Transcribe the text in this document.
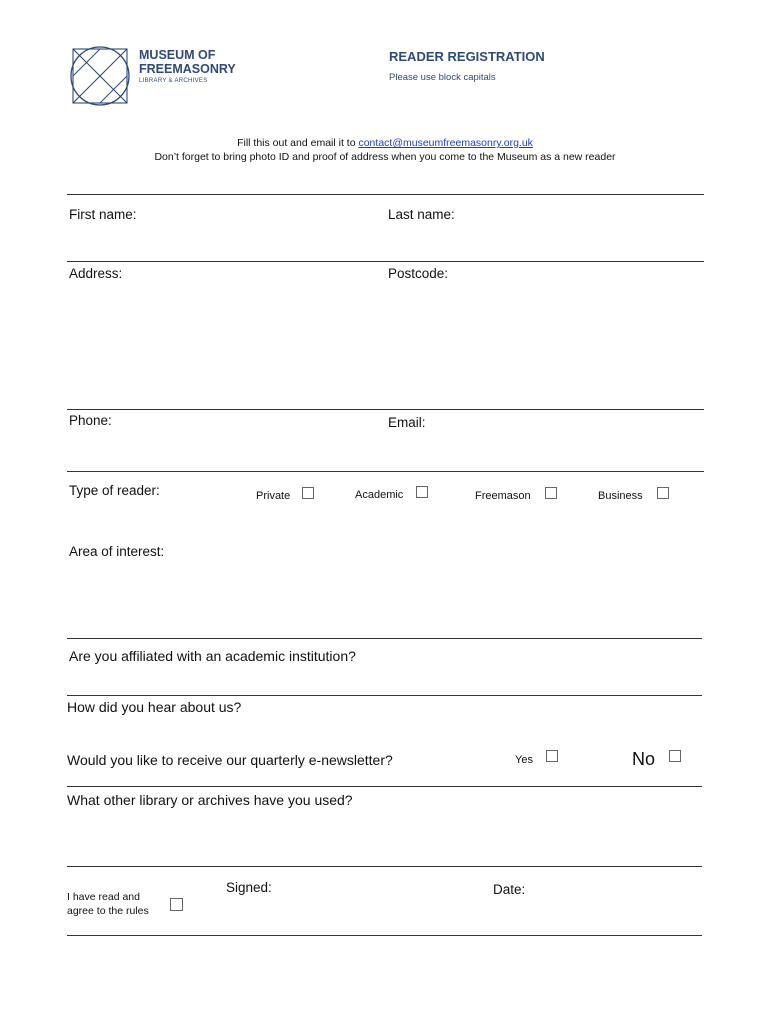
MUSEUM OF
FREEMASONRY
LIBRARY & ARCHIVES
READER REGISTRATION
Please use block capitals
Fill this out and email it to contact@museumfreemasonry.org.uk
Don’t forget to bring photo ID and proof of address when you come to the Museum as a new reader
First name:	Last name:
Address:	Postcode:
Phone:	Email:
Type of reader:	Private	Academic	Freemason	Business
Area of interest:
Are you affiliated with an academic institution?
How did you hear about us?
Would you like to receive our quarterly e-newsletter?	Yes	No
What other library or archives have you used?
I have read and
agree to the rules
Signed:	Date:
